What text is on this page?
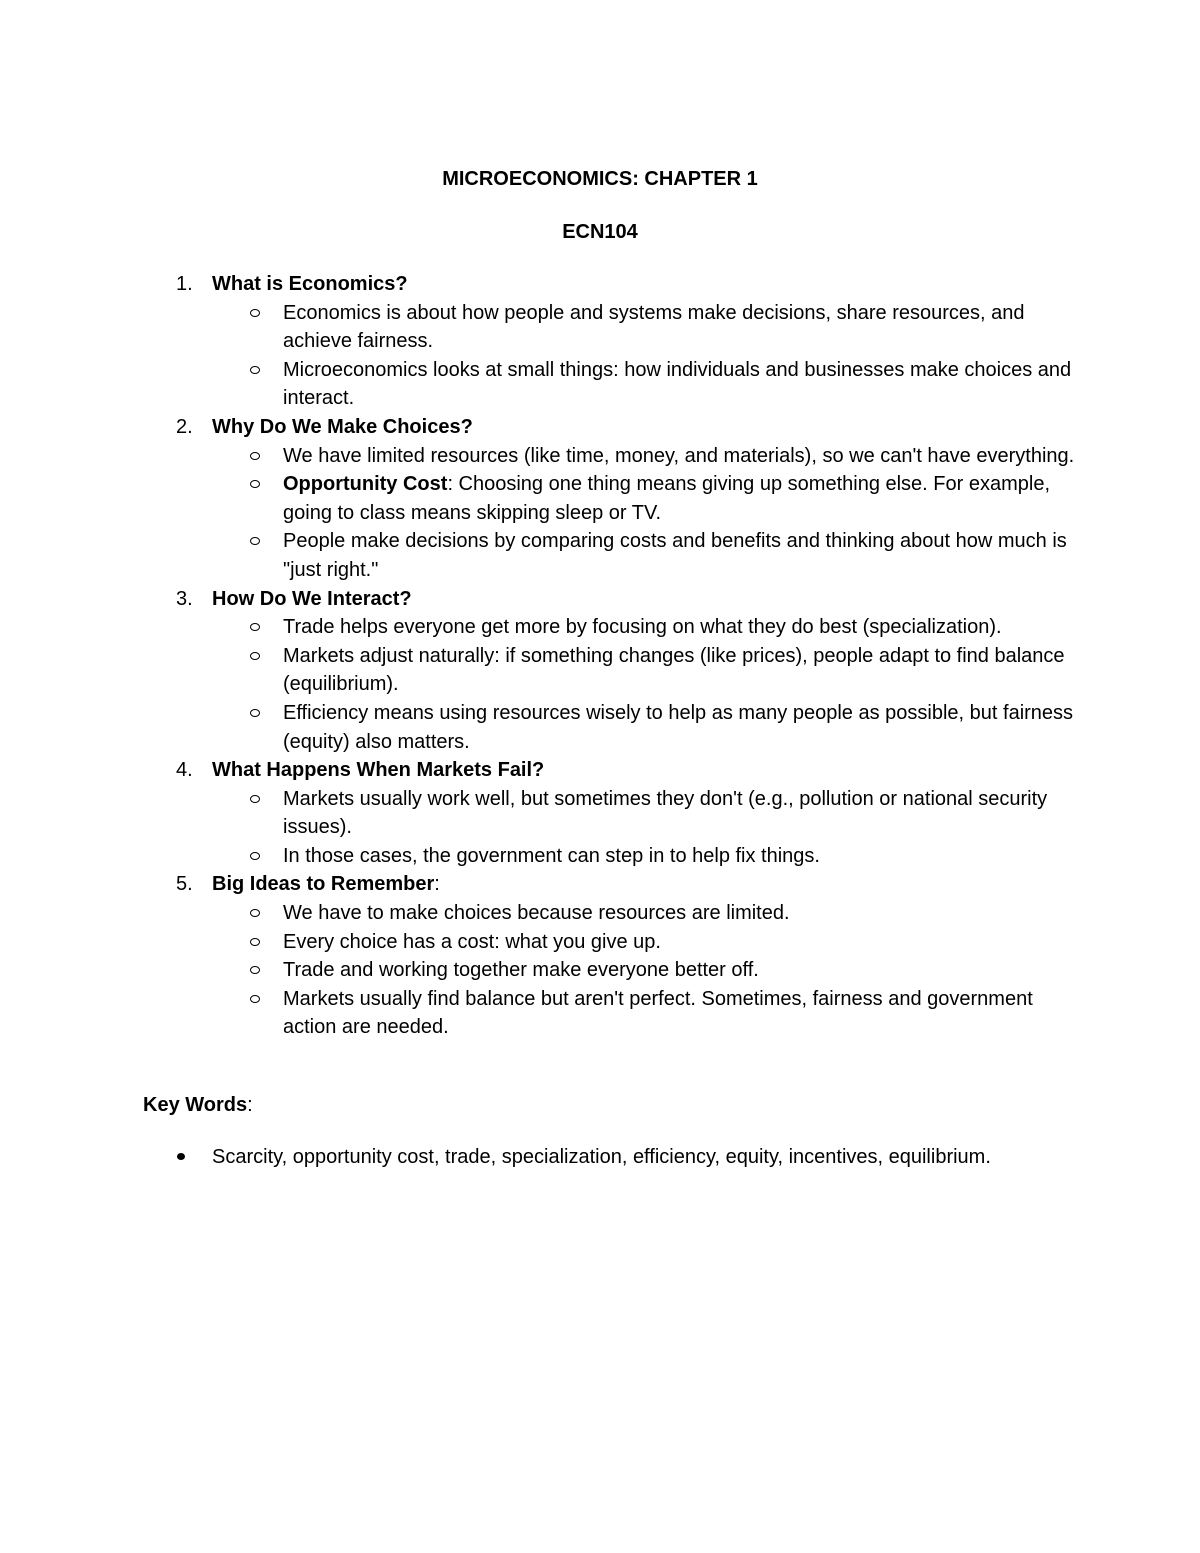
MICROECONOMICS: CHAPTER 1

ECN104

1. What is Economics?
Economics is about how people and systems make decisions, share resources, and achieve fairness.
Microeconomics looks at small things: how individuals and businesses make choices and interact.
2. Why Do We Make Choices?
We have limited resources (like time, money, and materials), so we can't have everything.
Opportunity Cost: Choosing one thing means giving up something else. For example, going to class means skipping sleep or TV.
People make decisions by comparing costs and benefits and thinking about how much is "just right."
3. How Do We Interact?
Trade helps everyone get more by focusing on what they do best (specialization).
Markets adjust naturally: if something changes (like prices), people adapt to find balance (equilibrium).
Efficiency means using resources wisely to help as many people as possible, but fairness (equity) also matters.
4. What Happens When Markets Fail?
Markets usually work well, but sometimes they don't (e.g., pollution or national security issues).
In those cases, the government can step in to help fix things.
5. Big Ideas to Remember:
We have to make choices because resources are limited.
Every choice has a cost: what you give up.
Trade and working together make everyone better off.
Markets usually find balance but aren't perfect. Sometimes, fairness and government action are needed.

Key Words:

Scarcity, opportunity cost, trade, specialization, efficiency, equity, incentives, equilibrium.
